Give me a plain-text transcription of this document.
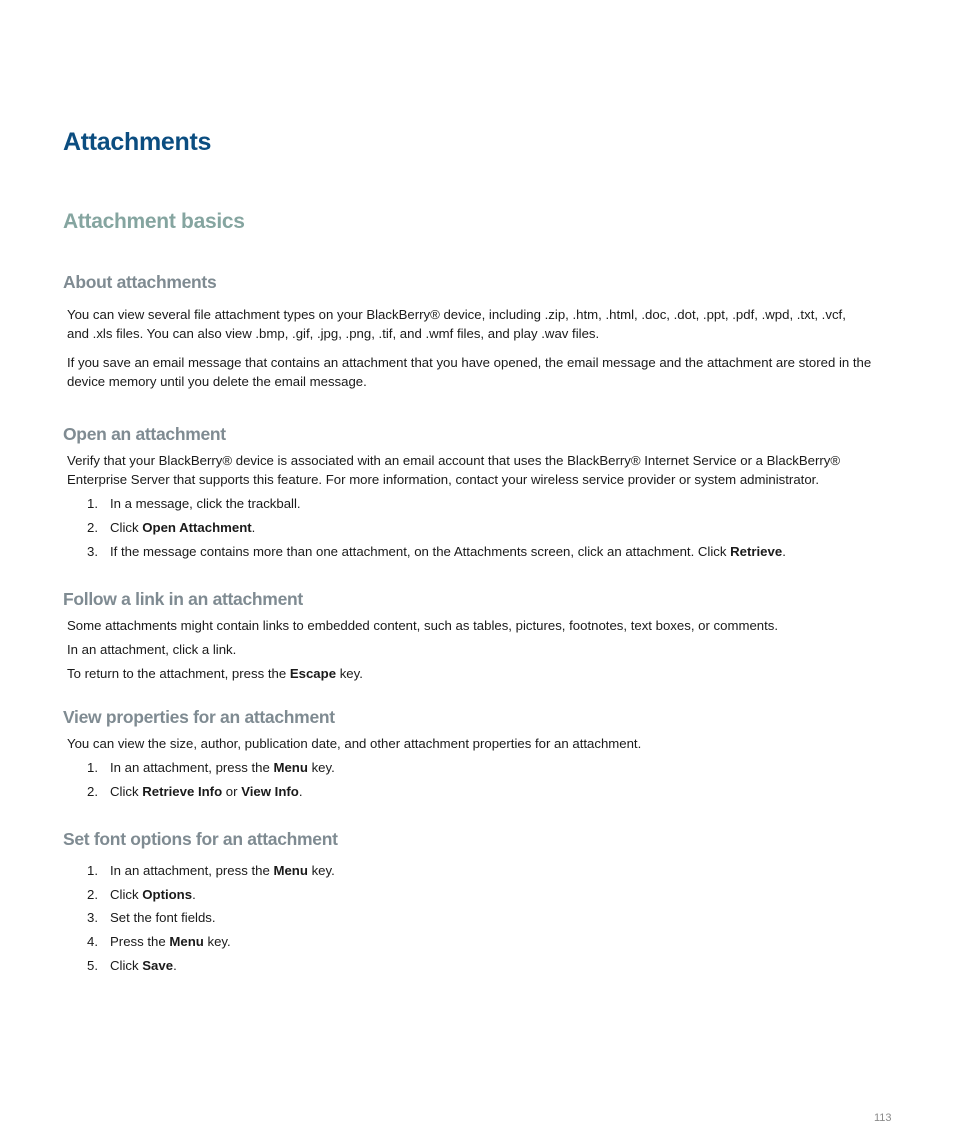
Attachments
Attachment basics
About attachments

You can view several file attachment types on your BlackBerry® device, including .zip, .htm, .html, .doc, .dot, .ppt, .pdf, .wpd, .txt, .vcf,
and .xls files. You can also view .bmp, .gif, .jpg, .png, .tif, and .wmf files, and play .wav files.

If you save an email message that contains an attachment that you have opened, the email message and the attachment are stored in the
device memory until you delete the email message.

Open an attachment

Verify that your BlackBerry® device is associated with an email account that uses the BlackBerry® Internet Service or a BlackBerry®
Enterprise Server that supports this feature. For more information, contact your wireless service provider or system administrator.

1. In a message, click the trackball.

2. Click Open Attachment.

3. If the message contains more than one attachment, on the Attachments screen, click an attachment. Click Retrieve.

Follow a link in an attachment

Some attachments might contain links to embedded content, such as tables, pictures, footnotes, text boxes, or comments.

In an attachment, click a link.

To return to the attachment, press the Escape key.

View properties for an attachment

You can view the size, author, publication date, and other attachment properties for an attachment.

1. In an attachment, press the Menu key.

2. Click Retrieve Info or View Info.

Set font options for an attachment

1. In an attachment, press the Menu key.

2. Click Options.

3. Set the font fields.

4. Press the Menu key.

5. Click Save.

113
